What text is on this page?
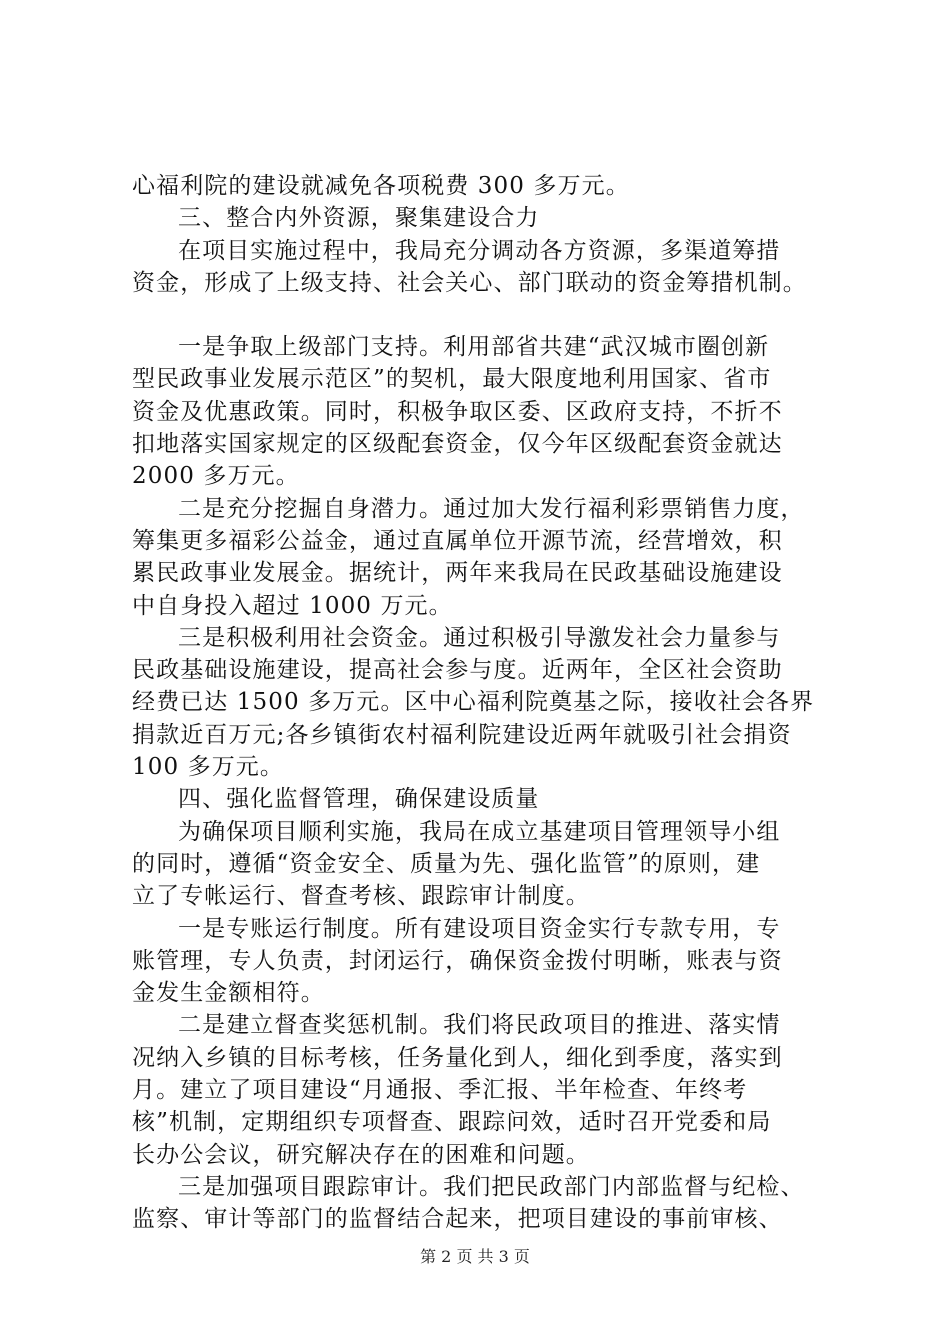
心福利院的建设就减免各项税费 300 多万元。
三、整合内外资源，聚集建设合力
在项目实施过程中，我局充分调动各方资源，多渠道筹措
资金，形成了上级支持、社会关心、部门联动的资金筹措机制。
一是争取上级部门支持。利用部省共建“武汉城市圈创新
型民政事业发展示范区”的契机，最大限度地利用国家、省市
资金及优惠政策。同时，积极争取区委、区政府支持，不折不
扣地落实国家规定的区级配套资金，仅今年区级配套资金就达
2000 多万元。
二是充分挖掘自身潜力。通过加大发行福利彩票销售力度，
筹集更多福彩公益金，通过直属单位开源节流，经营增效，积
累民政事业发展金。据统计，两年来我局在民政基础设施建设
中自身投入超过 1000 万元。
三是积极利用社会资金。通过积极引导激发社会力量参与
民政基础设施建设，提高社会参与度。近两年，全区社会资助
经费已达 1500 多万元。区中心福利院奠基之际，接收社会各界
捐款近百万元;各乡镇街农村福利院建设近两年就吸引社会捐资
100 多万元。
四、强化监督管理，确保建设质量
为确保项目顺利实施，我局在成立基建项目管理领导小组
的同时，遵循“资金安全、质量为先、强化监管”的原则，建
立了专帐运行、督查考核、跟踪审计制度。
一是专账运行制度。所有建设项目资金实行专款专用，专
账管理，专人负责，封闭运行，确保资金拨付明晰，账表与资
金发生金额相符。
二是建立督查奖惩机制。我们将民政项目的推进、落实情
况纳入乡镇的目标考核，任务量化到人，细化到季度，落实到
月。建立了项目建设“月通报、季汇报、半年检查、年终考
核”机制，定期组织专项督查、跟踪问效，适时召开党委和局
长办公会议，研究解决存在的困难和问题。
三是加强项目跟踪审计。我们把民政部门内部监督与纪检、
监察、审计等部门的监督结合起来，把项目建设的事前审核、
第 2 页 共 3 页
